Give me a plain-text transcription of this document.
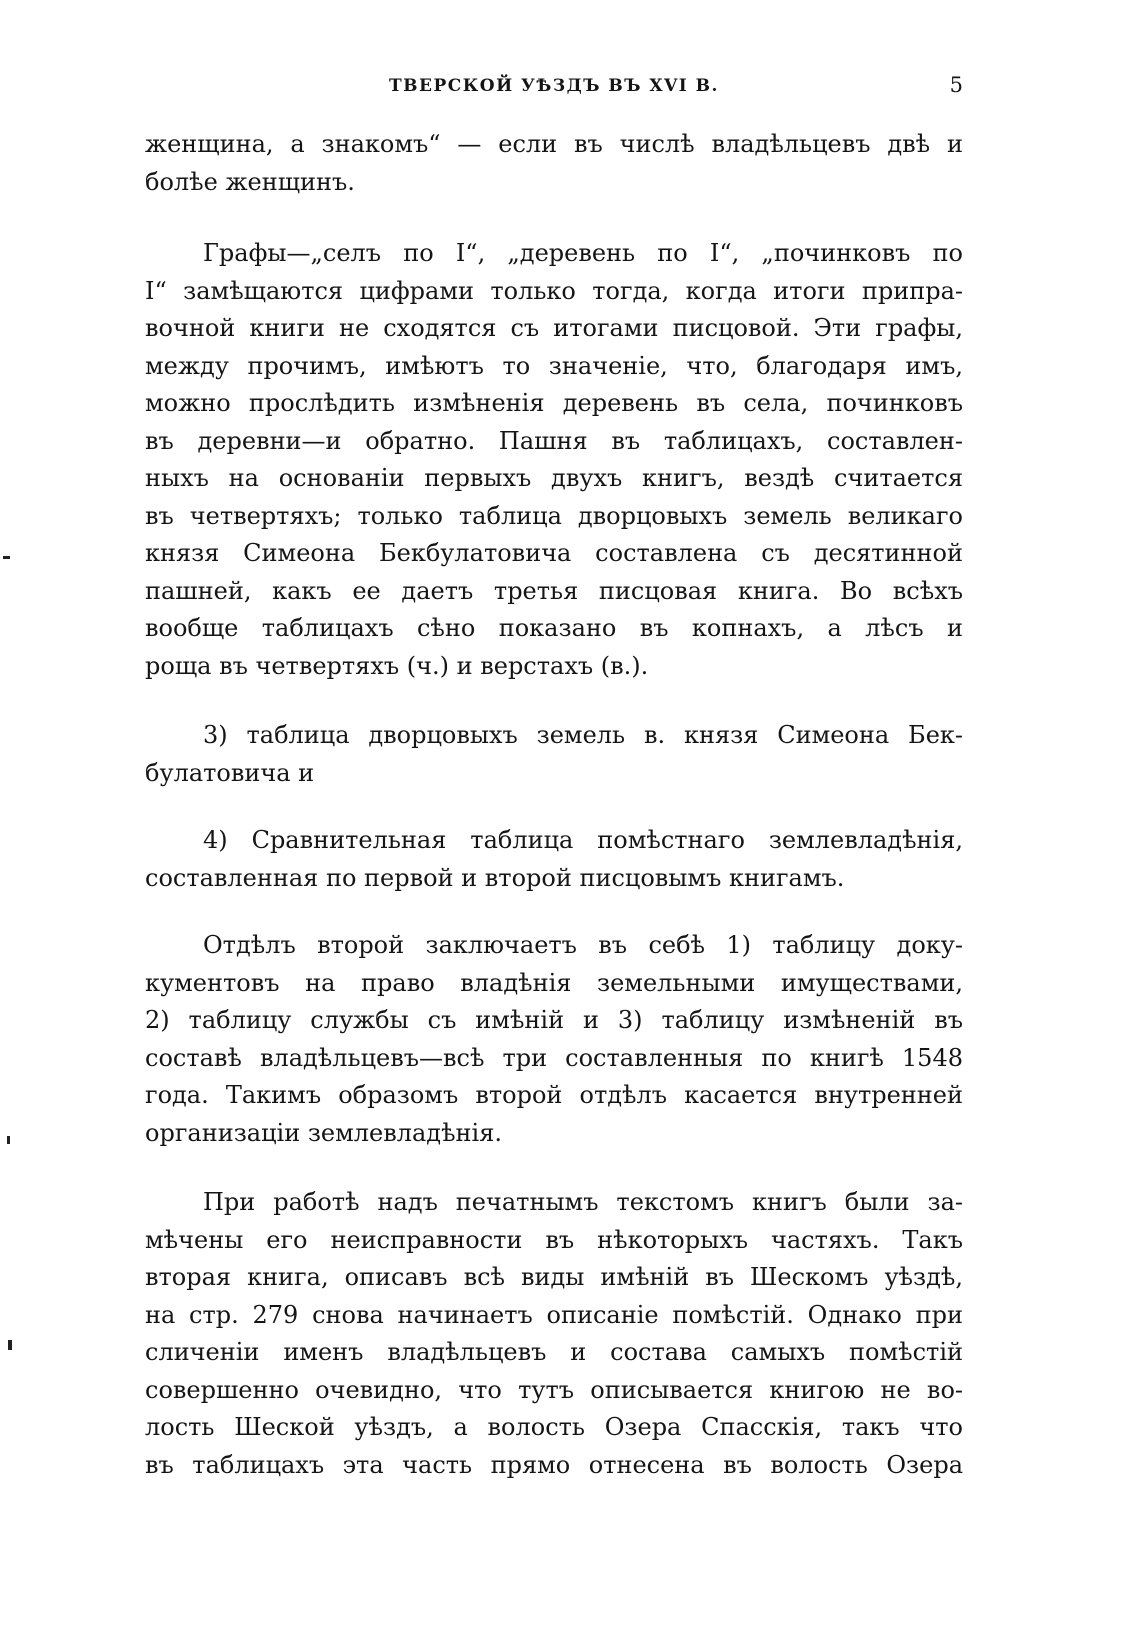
ТВЕРСКОЙ УѢЗДЪ ВЪ XVI В.	5

женщина, а знакомъ“ — если въ числѣ владѣльцевъ двѣ и
болѣе женщинъ.

Графы—„селъ по I“, „деревень по I“, „починковъ по
I“ замѣщаются цифрами только тогда, когда итоги припра-
вочной книги не сходятся съ итогами писцовой. Эти графы,
между прочимъ, имѣютъ то значеніе, что, благодаря имъ,
можно прослѣдить измѣненія деревень въ села, починковъ
въ деревни—и обратно. Пашня въ таблицахъ, составлен-
ныхъ на основаніи первыхъ двухъ книгъ, вездѣ считается
въ четвертяхъ; только таблица дворцовыхъ земель великаго
князя Симеона Бекбулатовича составлена съ десятинной
пашней, какъ ее даетъ третья писцовая книга. Во всѣхъ
вообще таблицахъ сѣно показано въ копнахъ, а лѣсъ и
роща въ четвертяхъ (ч.) и верстахъ (в.).

3) таблица дворцовыхъ земель в. князя Симеона Бек-
булатовича и

4) Сравнительная таблица помѣстнаго землевладѣнія,
составленная по первой и второй писцовымъ книгамъ.

Отдѣлъ второй заключаетъ въ себѣ 1) таблицу доку-
кументовъ на право владѣнія земельными имуществами,
2) таблицу службы съ имѣній и 3) таблицу измѣненій въ
составѣ владѣльцевъ—всѣ три составленныя по книгѣ 1548
года. Такимъ образомъ второй отдѣлъ касается внутренней
организаціи землевладѣнія.

При работѣ надъ печатнымъ текстомъ книгъ были за-
мѣчены его неисправности въ нѣкоторыхъ частяхъ. Такъ
вторая книга, описавъ всѣ виды имѣній въ Шескомъ уѣздѣ,
на стр. 279 снова начинаетъ описаніе помѣстій. Однако при
сличеніи именъ владѣльцевъ и состава самыхъ помѣстій
совершенно очевидно, что тутъ описывается книгою не во-
лость Шеской уѣздъ, а волость Озера Спасскія, такъ что
въ таблицахъ эта часть прямо отнесена въ волость Озера
